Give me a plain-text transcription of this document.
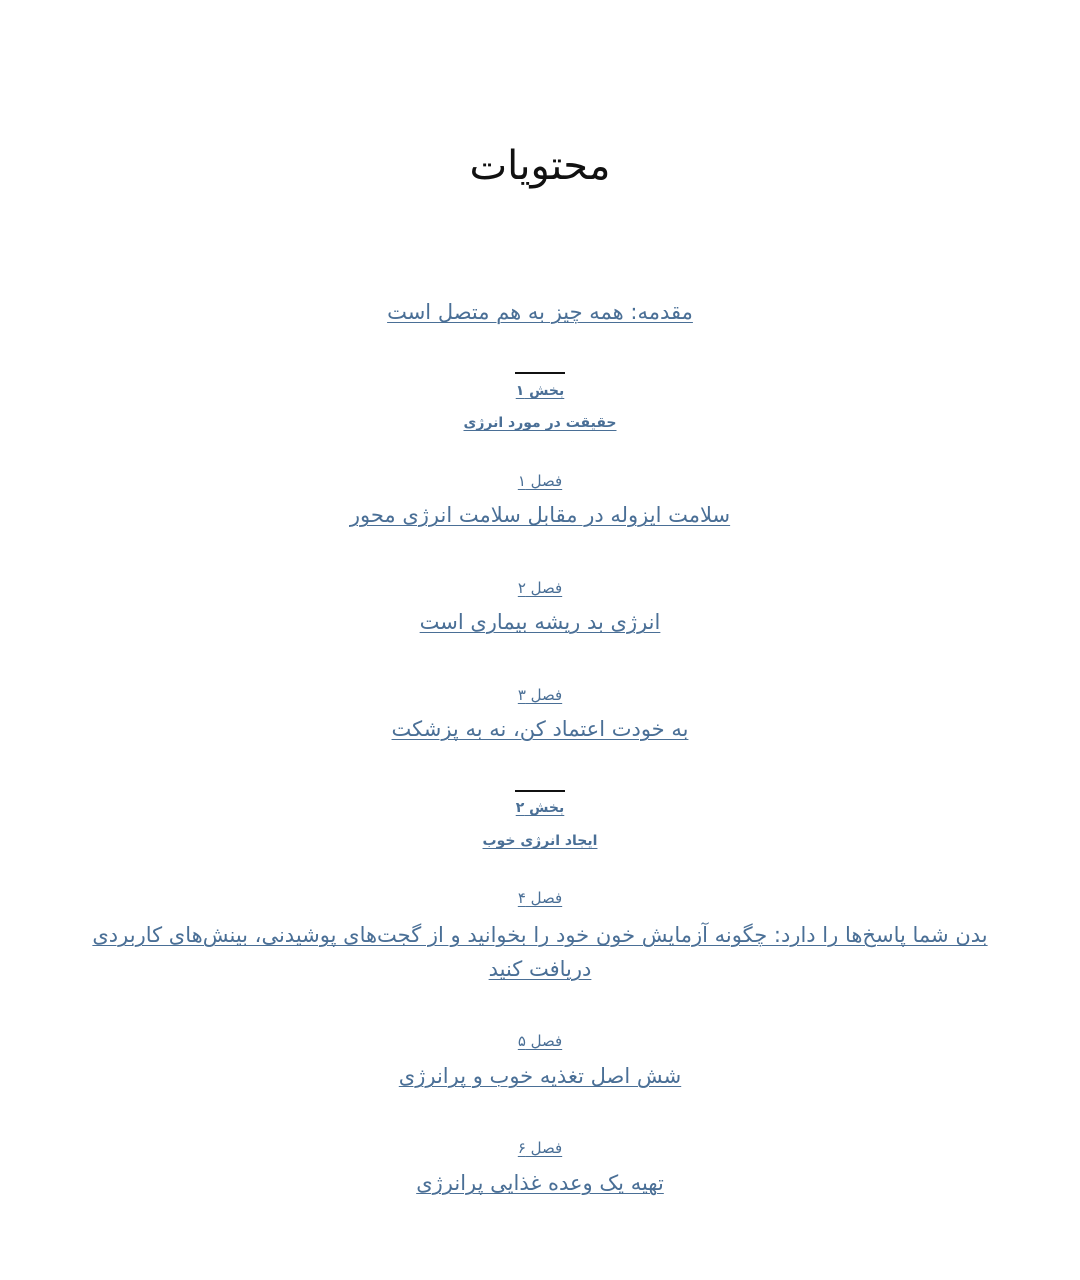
محتویات
مقدمه: همه چیز به هم متصل است
بخش ۱
حقیقت در مورد انرژی
فصل ۱
سلامت ایزوله در مقابل سلامت انرژی محور
فصل ۲
انرژی بد ریشه بیماری است
فصل ۳
به خودت اعتماد کن، نه به پزشکت
بخش ۲
ایجاد انرژی خوب
فصل ۴
بدن شما پاسخ‌ها را دارد: چگونه آزمایش خون خود را بخوانید و از گجت‌های پوشیدنی، بینش‌های کاربردی دریافت کنید
فصل ۵
شش اصل تغذیه خوب و پرانرژی
فصل ۶
تهیه یک وعده غذایی پرانرژی
